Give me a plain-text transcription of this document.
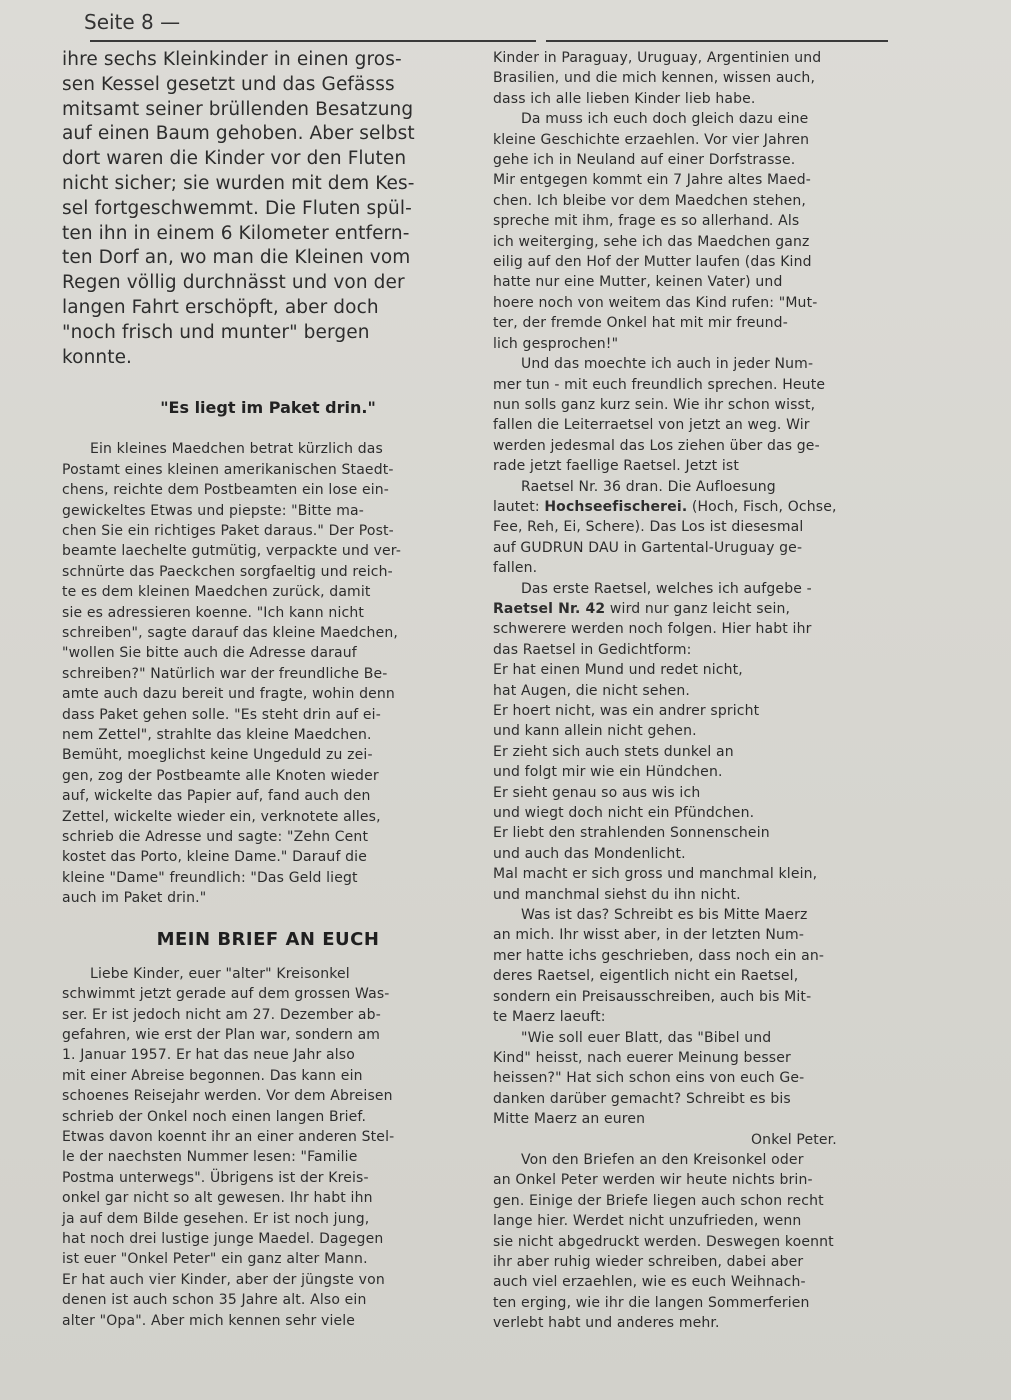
Seite 8 —
ihre sechs Kleinkinder in einen gros-
sen Kessel gesetzt und das Gefässs
mitsamt seiner brüllenden Besatzung
auf einen Baum gehoben. Aber selbst
dort waren die Kinder vor den Fluten
nicht sicher; sie wurden mit dem Kes-
sel fortgeschwemmt. Die Fluten spül-
ten ihn in einem 6 Kilometer entfern-
ten Dorf an, wo man die Kleinen vom
Regen völlig durchnässt und von der
langen Fahrt erschöpft, aber doch
"noch frisch und munter" bergen
konnte.
"Es liegt im Paket drin."

Ein kleines Maedchen betrat kürzlich das
Postamt eines kleinen amerikanischen Staedt-
chens, reichte dem Postbeamten ein lose ein-
gewickeltes Etwas und piepste: "Bitte ma-
chen Sie ein richtiges Paket daraus." Der Post-
beamte laechelte gutmütig, verpackte und ver-
schnürte das Paeckchen sorgfaeltig und reich-
te es dem kleinen Maedchen zurück, damit
sie es adressieren koenne. "Ich kann nicht
schreiben", sagte darauf das kleine Maedchen,
"wollen Sie bitte auch die Adresse darauf
schreiben?" Natürlich war der freundliche Be-
amte auch dazu bereit und fragte, wohin denn
dass Paket gehen solle. "Es steht drin auf ei-
nem Zettel", strahlte das kleine Maedchen.
Bemüht, moeglichst keine Ungeduld zu zei-
gen, zog der Postbeamte alle Knoten wieder
auf, wickelte das Papier auf, fand auch den
Zettel, wickelte wieder ein, verknotete alles,
schrieb die Adresse und sagte: "Zehn Cent
kostet das Porto, kleine Dame." Darauf die
kleine "Dame" freundlich: "Das Geld liegt
auch im Paket drin."

MEIN BRIEF AN EUCH

Liebe Kinder, euer "alter" Kreisonkel
schwimmt jetzt gerade auf dem grossen Was-
ser. Er ist jedoch nicht am 27. Dezember ab-
gefahren, wie erst der Plan war, sondern am
1. Januar 1957. Er hat das neue Jahr also
mit einer Abreise begonnen. Das kann ein
schoenes Reisejahr werden. Vor dem Abreisen
schrieb der Onkel noch einen langen Brief.
Etwas davon koennt ihr an einer anderen Stel-
le der naechsten Nummer lesen: "Familie
Postma unterwegs". Übrigens ist der Kreis-
onkel gar nicht so alt gewesen. Ihr habt ihn
ja auf dem Bilde gesehen. Er ist noch jung,
hat noch drei lustige junge Maedel. Dagegen
ist euer "Onkel Peter" ein ganz alter Mann.
Er hat auch vier Kinder, aber der jüngste von
denen ist auch schon 35 Jahre alt. Also ein
alter "Opa". Aber mich kennen sehr viele

Kinder in Paraguay, Uruguay, Argentinien und
Brasilien, und die mich kennen, wissen auch,
dass ich alle lieben Kinder lieb habe.

Da muss ich euch doch gleich dazu eine
kleine Geschichte erzaehlen. Vor vier Jahren
gehe ich in Neuland auf einer Dorfstrasse.
Mir entgegen kommt ein 7 Jahre altes Maed-
chen. Ich bleibe vor dem Maedchen stehen,
spreche mit ihm, frage es so allerhand. Als
ich weiterging, sehe ich das Maedchen ganz
eilig auf den Hof der Mutter laufen (das Kind
hatte nur eine Mutter, keinen Vater) und
hoere noch von weitem das Kind rufen: "Mut-
ter, der fremde Onkel hat mit mir freund-
lich gesprochen!"

Und das moechte ich auch in jeder Num-
mer tun - mit euch freundlich sprechen. Heute
nun solls ganz kurz sein. Wie ihr schon wisst,
fallen die Leiterraetsel von jetzt an weg. Wir
werden jedesmal das Los ziehen über das ge-
rade jetzt faellige Raetsel. Jetzt ist

Raetsel Nr. 36 dran. Die Aufloesung
lautet: Hochseefischerei. (Hoch, Fisch, Ochse,

Fee, Reh, Ei, Schere). Das Los ist diesesmal
auf GUDRUN DAU in Gartental-Uruguay ge-
fallen.

Das erste Raetsel, welches ich aufgebe -
Raetsel Nr. 42 wird nur ganz leicht sein,

schwerere werden noch folgen. Hier habt ihr
das Raetsel in Gedichtform:

Er hat einen Mund und redet nicht,
hat Augen, die nicht sehen.
Er hoert nicht, was ein andrer spricht
und kann allein nicht gehen.
Er zieht sich auch stets dunkel an
und folgt mir wie ein Hündchen.
Er sieht genau so aus wis ich
und wiegt doch nicht ein Pfündchen.
Er liebt den strahlenden Sonnenschein
und auch das Mondenlicht.
Mal macht er sich gross und manchmal klein,
und manchmal siehst du ihn nicht.

Was ist das? Schreibt es bis Mitte Maerz
an mich. Ihr wisst aber, in der letzten Num-
mer hatte ichs geschrieben, dass noch ein an-
deres Raetsel, eigentlich nicht ein Raetsel,
sondern ein Preisausschreiben, auch bis Mit-
te Maerz laeuft:

"Wie soll euer Blatt, das "Bibel und
Kind" heisst, nach euerer Meinung besser
heissen?" Hat sich schon eins von euch Ge-
danken darüber gemacht? Schreibt es bis
Mitte Maerz an euren

Onkel Peter.

Von den Briefen an den Kreisonkel oder
an Onkel Peter werden wir heute nichts brin-
gen. Einige der Briefe liegen auch schon recht
lange hier. Werdet nicht unzufrieden, wenn
sie nicht abgedruckt werden. Deswegen koennt
ihr aber ruhig wieder schreiben, dabei aber
auch viel erzaehlen, wie es euch Weihnach-
ten erging, wie ihr die langen Sommerferien
verlebt habt und anderes mehr.
